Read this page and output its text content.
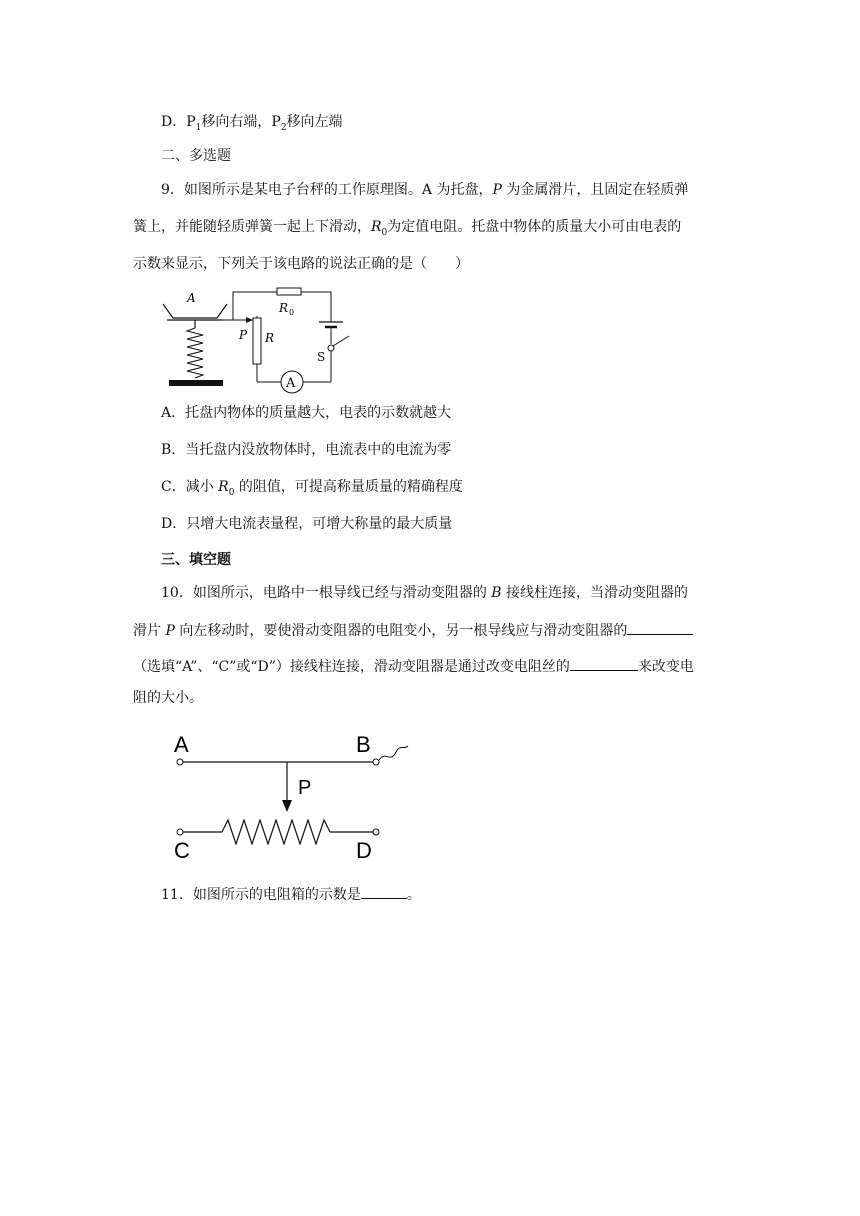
D．$P_1$移向右端，$P_2$移向左端
二、多选题
9．如图所示是某电子台秤的工作原理图。A 为托盘，P 为金属滑片，且固定在轻质弹
簧上，并能随轻质弹簧一起上下滑动，$R_0$为定值电阻。托盘中物体的质量大小可由电表的
示数来显示，下列关于该电路的说法正确的是（　　）
R 0
S
A
R
P
A
A．托盘内物体的质量越大，电表的示数就越大
B．当托盘内没放物体时，电流表中的电流为零
C．减小 $R_0$ 的阻值，可提高称量质量的精确程度
D．只增大电流表量程，可增大称量的最大质量
三、填空题
10．如图所示，电路中一根导线已经与滑动变阻器的 B 接线柱连接，当滑动变阻器的
滑片 P 向左移动时，要使滑动变阻器的电阻变小，另一根导线应与滑动变阻器的
（选填“A”、“C”或“D”）接线柱连接，滑动变阻器是通过改变电阻丝的	来改变电
阻的大小。
A	B
P
C	D
11．如图所示的电阻箱的示数是	。
